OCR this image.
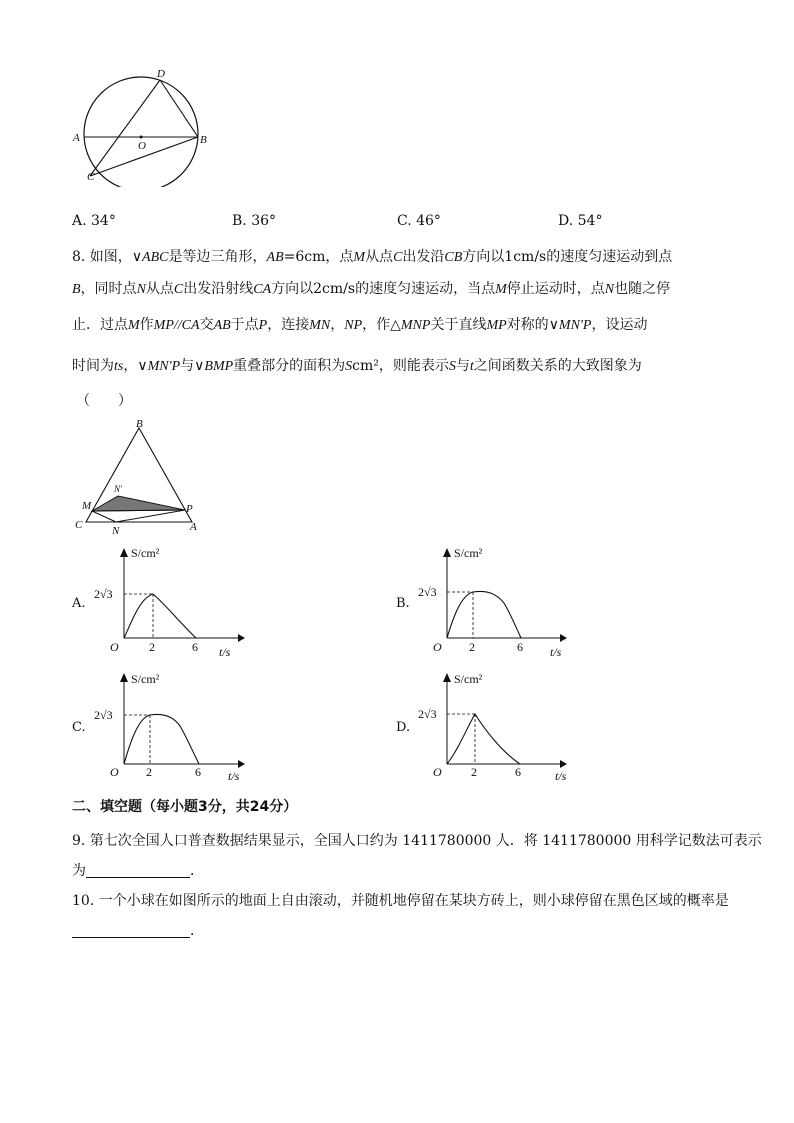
A	B
C
D
O
A. 34°	B. 36°	C. 46°	D. 54°
8. 如图，∨ABC是等边三角形，AB=6cm，点M从点C出发沿CB方向以1cm/s的速度匀速运动到点
B，同时点N从点C出发沿射线CA方向以2cm/s的速度匀速运动，当点M停止运动时，点N也随之停
止．过点M作MP//CA交AB于点P，连接MN，NP，作△MNP关于直线MP对称的∨MN'P，设运动
时间为ts，∨MN'P与∨BMP重叠部分的面积为Scm²，则能表示S与t之间函数关系的大致图象为
（　　）
B
N'
M	P
C	N	A
A.
S/cm²
2√3
O	2	6 t/s
B.
S/cm²
2√3
O 2	6 t/s
C.
S/cm²
2√3
O 2	6 t/s
D.
S/cm²
2√3
O 2	6	t/s
二、填空题（每小题3分，共24分）
9. 第七次全国人口普查数据结果显示，全国人口约为 1411780000 人．将 1411780000 用科学记数法可表示
为	．
10. 一个小球在如图所示的地面上自由滚动，并随机地停留在某块方砖上，则小球停留在黑色区域的概率是
．
